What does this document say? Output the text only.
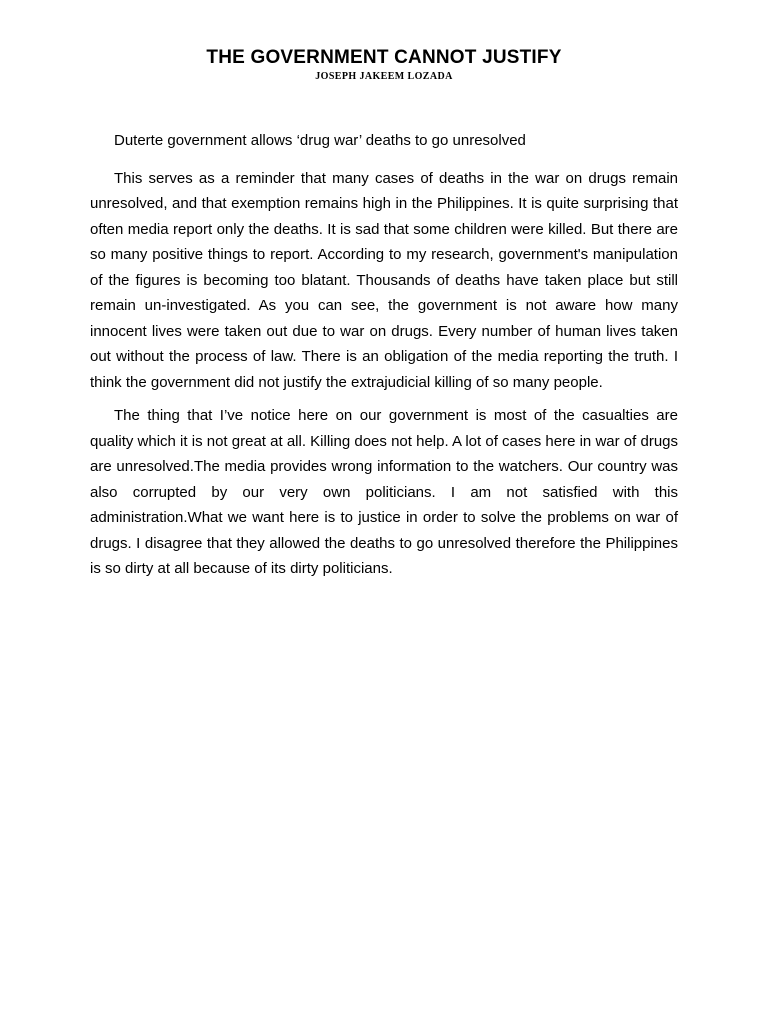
THE GOVERNMENT CANNOT JUSTIFY
JOSEPH JAKEEM LOZADA

Duterte government allows ‘drug war’ deaths to go unresolved

This serves as a reminder that many cases of deaths in the war on drugs remain unresolved, and that exemption remains high in the Philippines. It is quite surprising that often media report only the deaths. It is sad that some children were killed. But there are so many positive things to report. According to my research, government's manipulation of the figures is becoming too blatant. Thousands of deaths have taken place but still remain un-investigated. As you can see, the government is not aware how many innocent lives were taken out due to war on drugs. Every number of human lives taken out without the process of law. There is an obligation of the media reporting the truth. I think the government did not justify the extrajudicial killing of so many people.

The thing that I’ve notice here on our government is most of the casualties are quality which it is not great at all. Killing does not help. A lot of cases here in war of drugs are unresolved.The media provides wrong information to the watchers. Our country was also corrupted by our very own politicians. I am not satisfied with this administration.What we want here is to justice in order to solve the problems on war of drugs. I disagree that they allowed the deaths to go unresolved therefore the Philippines is so dirty at all because of its dirty politicians.
